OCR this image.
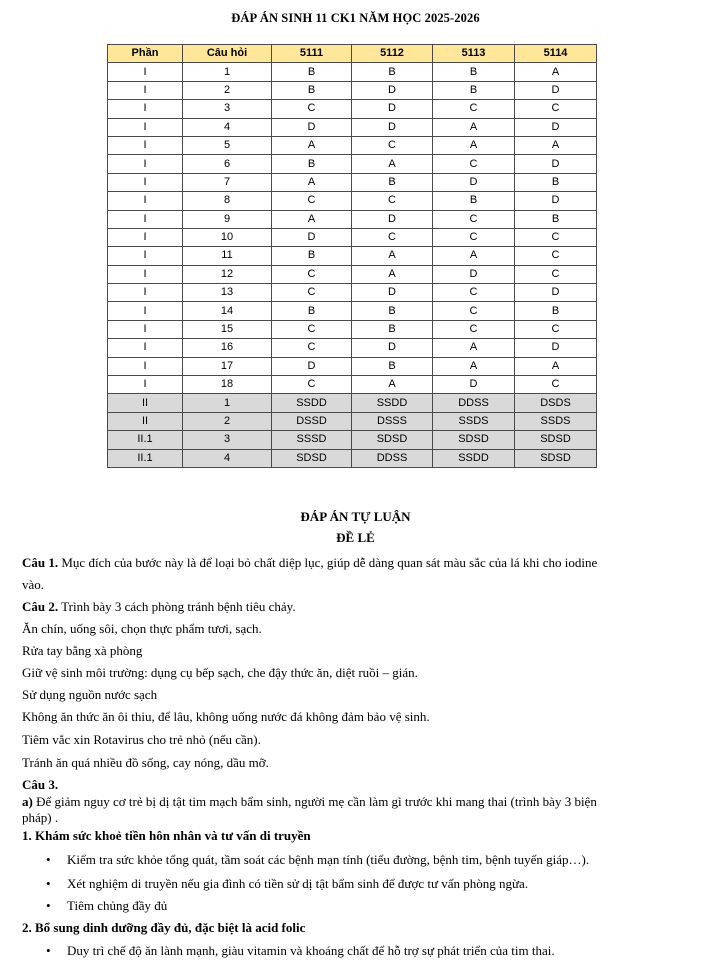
ĐÁP ÁN SINH 11 CK1 NĂM HỌC 2025-2026
Phần	Câu hỏi	5111	5112	5113	5114
I	1	B	B	B	A
I	2	B	D	B	D
I	3	C	D	C	C
I	4	D	D	A	D
I	5	A	C	A	A
I	6	B	A	C	D
I	7	A	B	D	B
I	8	C	C	B	D
I	9	A	D	C	B
I	10	D	C	C	C
I	11	B	A	A	C
I	12	C	A	D	C
I	13	C	D	C	D
I	14	B	B	C	B
I	15	C	B	C	C
I	16	C	D	A	D
I	17	D	B	A	A
I	18	C	A	D	C
II	1	SSDD	SSDD	DDSS	DSDS
II	2	DSSD	DSSS	SSDS	SSDS
II.1	3	SSSD	SDSD	SDSD	SDSD
II.1	4	SDSD	DDSS	SSDD	SDSD
ĐÁP ÁN TỰ LUẬN
ĐỀ LẺ
Câu 1. Mục đích của bước này là để loại bỏ chất diệp lục, giúp dễ dàng quan sát màu sắc của lá khi cho iodine
vào.
Câu 2. Trình bày 3 cách phòng tránh bệnh tiêu chảy.
Ăn chín, uống sôi, chọn thực phẩm tươi, sạch.
Rửa tay bằng xà phòng
Giữ vệ sinh môi trường: dụng cụ bếp sạch, che đậy thức ăn, diệt ruồi – gián.
Sử dụng nguồn nước sạch
Không ăn thức ăn ôi thiu, để lâu, không uống nước đá không đảm bảo vệ sinh.
Tiêm vắc xin Rotavirus cho trẻ nhỏ (nếu cần).
Tránh ăn quá nhiều đồ sống, cay nóng, dầu mỡ.
Câu 3.
a) Để giảm nguy cơ trẻ bị dị tật tim mạch bẩm sinh, người mẹ cần làm gì trước khi mang thai (trình bày 3 biện
pháp) .
1. Khám sức khoẻ tiền hôn nhân và tư vấn di truyền
• Kiểm tra sức khỏe tổng quát, tầm soát các bệnh mạn tính (tiểu đường, bệnh tim, bệnh tuyến giáp…).
• Xét nghiệm di truyền nếu gia đình có tiền sử dị tật bẩm sinh để được tư vấn phòng ngừa.
• Tiêm chủng đầy đủ
2. Bổ sung dinh dưỡng đầy đủ, đặc biệt là acid folic
• Duy trì chế độ ăn lành mạnh, giàu vitamin và khoáng chất để hỗ trợ sự phát triển của tim thai.
